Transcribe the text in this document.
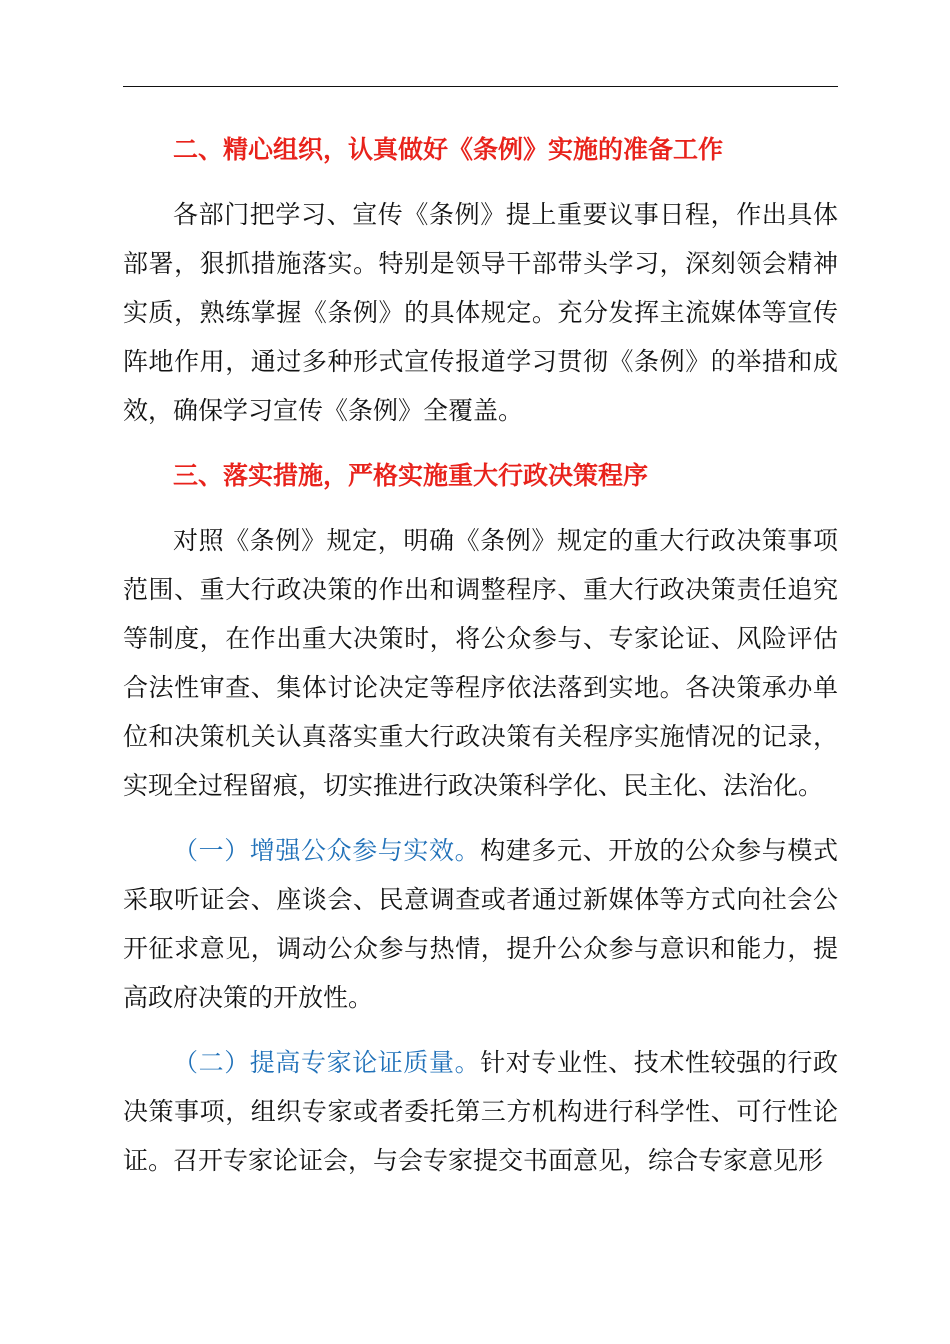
二、精心组织，认真做好《条例》实施的准备工作

各部门把学习、宣传《条例》提上重要议事日程，作出具体部署，狠抓措施落实。特别是领导干部带头学习，深刻领会精神实质，熟练掌握《条例》的具体规定。充分发挥主流媒体等宣传阵地作用，通过多种形式宣传报道学习贯彻《条例》的举措和成效，确保学习宣传《条例》全覆盖。

三、落实措施，严格实施重大行政决策程序

对照《条例》规定，明确《条例》规定的重大行政决策事项范围、重大行政决策的作出和调整程序、重大行政决策责任追究等制度，在作出重大决策时，将公众参与、专家论证、风险评估合法性审查、集体讨论决定等程序依法落到实地。各决策承办单位和决策机关认真落实重大行政决策有关程序实施情况的记录，实现全过程留痕，切实推进行政决策科学化、民主化、法治化。

（一）增强公众参与实效。构建多元、开放的公众参与模式采取听证会、座谈会、民意调查或者通过新媒体等方式向社会公开征求意见，调动公众参与热情，提升公众参与意识和能力，提高政府决策的开放性。

（二）提高专家论证质量。针对专业性、技术性较强的行政决策事项，组织专家或者委托第三方机构进行科学性、可行性论证。召开专家论证会，与会专家提交书面意见，综合专家意见形
